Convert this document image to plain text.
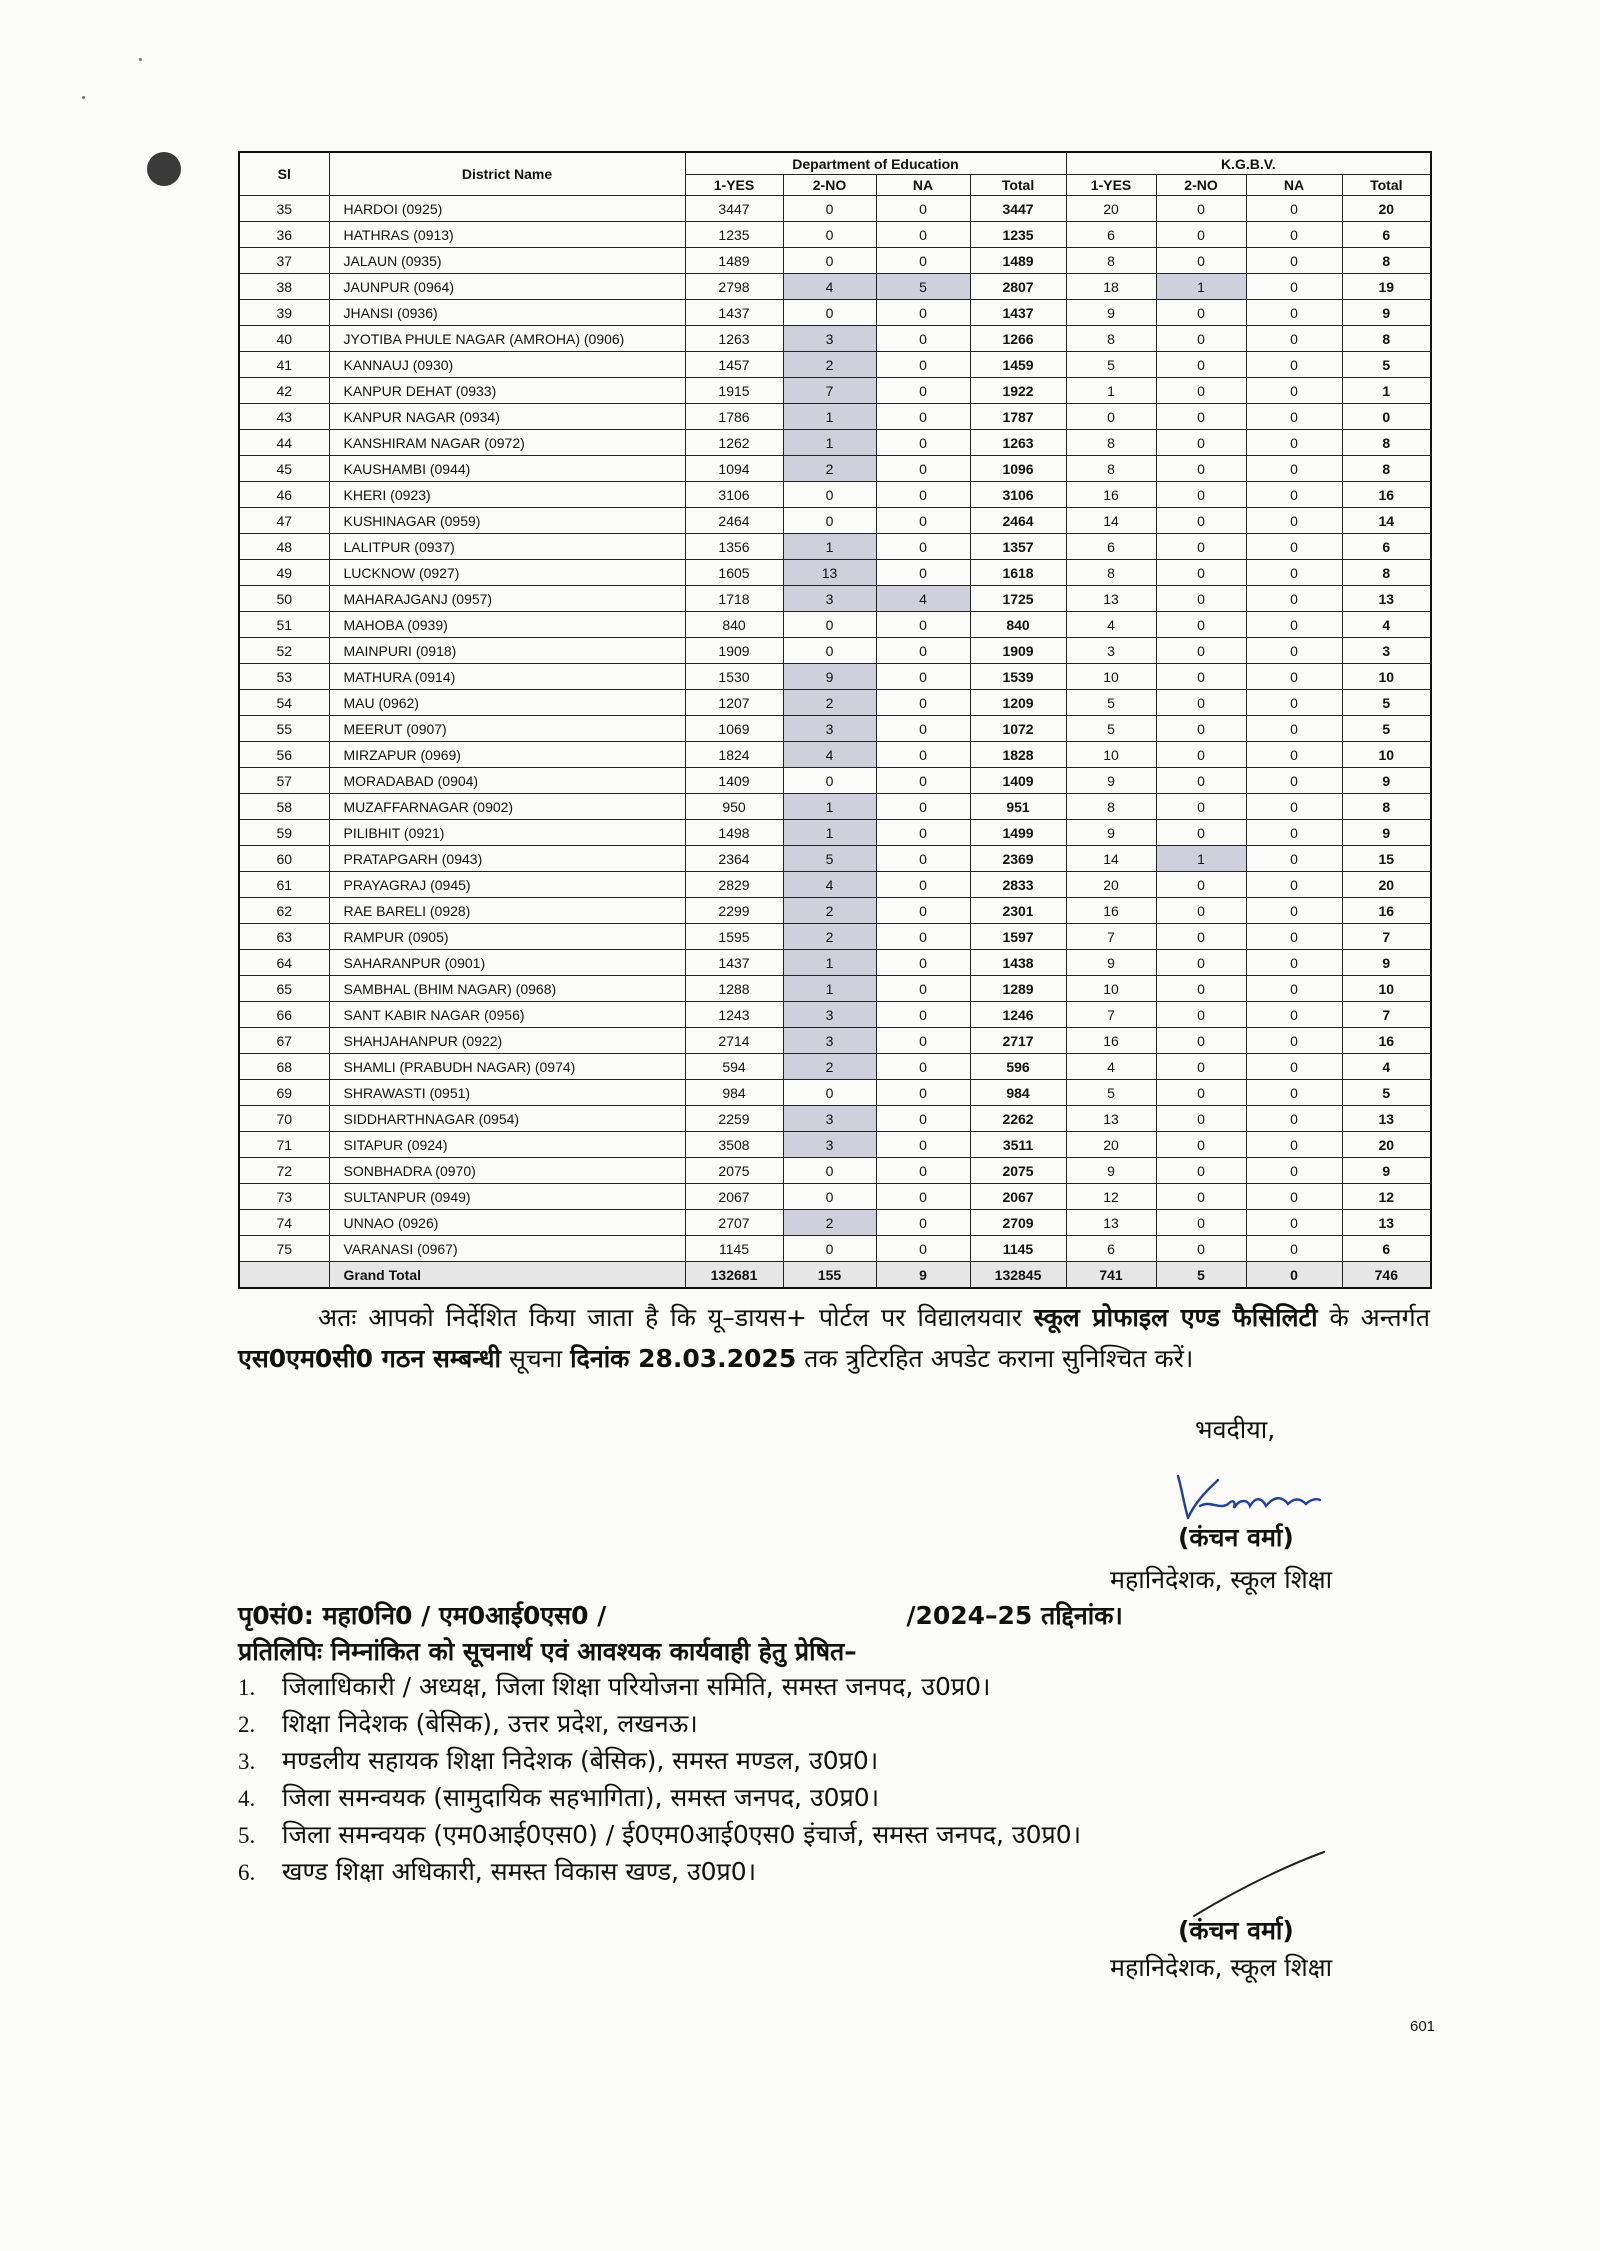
Sl	District Name	Department of Education				K.G.B.V.			
		1-YES	2-NO	NA	Total	1-YES	2-NO	NA	Total
35	HARDOI (0925)	3447	0	0	3447	20	0	0	20
36	HATHRAS (0913)	1235	0	0	1235	6	0	0	6
37	JALAUN (0935)	1489	0	0	1489	8	0	0	8
38	JAUNPUR (0964)	2798	4	5	2807	18	1	0	19
39	JHANSI (0936)	1437	0	0	1437	9	0	0	9
40	JYOTIBA PHULE NAGAR (AMROHA) (0906)	1263	3	0	1266	8	0	0	8
41	KANNAUJ (0930)	1457	2	0	1459	5	0	0	5
42	KANPUR DEHAT (0933)	1915	7	0	1922	1	0	0	1
43	KANPUR NAGAR (0934)	1786	1	0	1787	0	0	0	0
44	KANSHIRAM NAGAR (0972)	1262	1	0	1263	8	0	0	8
45	KAUSHAMBI (0944)	1094	2	0	1096	8	0	0	8
46	KHERI (0923)	3106	0	0	3106	16	0	0	16
47	KUSHINAGAR (0959)	2464	0	0	2464	14	0	0	14
48	LALITPUR (0937)	1356	1	0	1357	6	0	0	6
49	LUCKNOW (0927)	1605	13	0	1618	8	0	0	8
50	MAHARAJGANJ (0957)	1718	3	4	1725	13	0	0	13
51	MAHOBA (0939)	840	0	0	840	4	0	0	4
52	MAINPURI (0918)	1909	0	0	1909	3	0	0	3
53	MATHURA (0914)	1530	9	0	1539	10	0	0	10
54	MAU (0962)	1207	2	0	1209	5	0	0	5
55	MEERUT (0907)	1069	3	0	1072	5	0	0	5
56	MIRZAPUR (0969)	1824	4	0	1828	10	0	0	10
57	MORADABAD (0904)	1409	0	0	1409	9	0	0	9
58	MUZAFFARNAGAR (0902)	950	1	0	951	8	0	0	8
59	PILIBHIT (0921)	1498	1	0	1499	9	0	0	9
60	PRATAPGARH (0943)	2364	5	0	2369	14	1	0	15
61	PRAYAGRAJ (0945)	2829	4	0	2833	20	0	0	20
62	RAE BARELI (0928)	2299	2	0	2301	16	0	0	16
63	RAMPUR (0905)	1595	2	0	1597	7	0	0	7
64	SAHARANPUR (0901)	1437	1	0	1438	9	0	0	9
65	SAMBHAL (BHIM NAGAR) (0968)	1288	1	0	1289	10	0	0	10
66	SANT KABIR NAGAR (0956)	1243	3	0	1246	7	0	0	7
67	SHAHJAHANPUR (0922)	2714	3	0	2717	16	0	0	16
68	SHAMLI (PRABUDH NAGAR) (0974)	594	2	0	596	4	0	0	4
69	SHRAWASTI (0951)	984	0	0	984	5	0	0	5
70	SIDDHARTHNAGAR (0954)	2259	3	0	2262	13	0	0	13
71	SITAPUR (0924)	3508	3	0	3511	20	0	0	20
72	SONBHADRA (0970)	2075	0	0	2075	9	0	0	9
73	SULTANPUR (0949)	2067	0	0	2067	12	0	0	12
74	UNNAO (0926)	2707	2	0	2709	13	0	0	13
75	VARANASI (0967)	1145	0	0	1145	6	0	0	6
	Grand Total	132681	155	9	132845	741	5	0	746
अतः आपको निर्देशित किया जाता है कि यू–डायस+ पोर्टल पर विद्यालयवार स्कूल प्रोफाइल एण्ड फैसिलिटी के अन्तर्गत एस0एम0सी0 गठन सम्बन्धी सूचना दिनांक 28.03.2025 तक त्रुटिरहित अपडेट कराना सुनिश्चित करें।
भवदीया,
(कंचन वर्मा)
महानिदेशक, स्कूल शिक्षा
पृ0सं0: महा0नि0 / एम0आई0एस0 /	/2024–25 तद्दिनांक।
प्रतिलिपिः निम्नांकित को सूचनार्थ एवं आवश्यक कार्यवाही हेतु प्रेषित–
1. जिलाधिकारी / अध्यक्ष, जिला शिक्षा परियोजना समिति, समस्त जनपद, उ0प्र0।
2. शिक्षा निदेशक (बेसिक), उत्तर प्रदेश, लखनऊ।
3. मण्डलीय सहायक शिक्षा निदेशक (बेसिक), समस्त मण्डल, उ0प्र0।
4. जिला समन्वयक (सामुदायिक सहभागिता), समस्त जनपद, उ0प्र0।
5. जिला समन्वयक (एम0आई0एस0) / ई0एम0आई0एस0 इंचार्ज, समस्त जनपद, उ0प्र0।
6. खण्ड शिक्षा अधिकारी, समस्त विकास खण्ड, उ0प्र0।
(कंचन वर्मा)
महानिदेशक, स्कूल शिक्षा
601
